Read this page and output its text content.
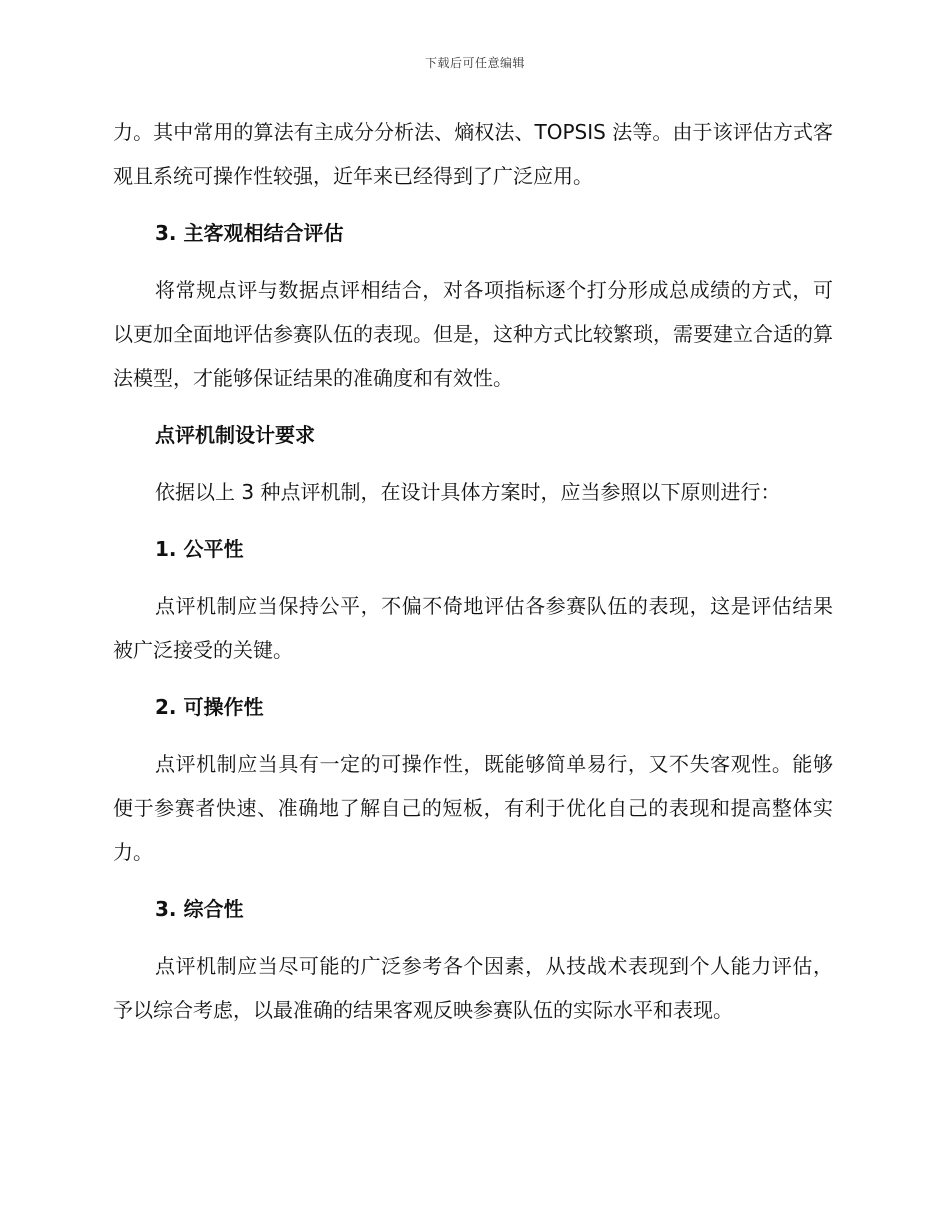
下载后可任意编辑

力。其中常用的算法有主成分分析法、熵权法、TOPSIS 法等。由于该评估方式客观且系统可操作性较强，近年来已经得到了广泛应用。

3. 主客观相结合评估

将常规点评与数据点评相结合，对各项指标逐个打分形成总成绩的方式，可以更加全面地评估参赛队伍的表现。但是，这种方式比较繁琐，需要建立合适的算法模型，才能够保证结果的准确度和有效性。

点评机制设计要求

依据以上 3 种点评机制，在设计具体方案时，应当参照以下原则进行：

1. 公平性

点评机制应当保持公平，不偏不倚地评估各参赛队伍的表现，这是评估结果被广泛接受的关键。

2. 可操作性

点评机制应当具有一定的可操作性，既能够简单易行，又不失客观性。能够便于参赛者快速、准确地了解自己的短板，有利于优化自己的表现和提高整体实力。

3. 综合性

点评机制应当尽可能的广泛参考各个因素，从技战术表现到个人能力评估，予以综合考虑，以最准确的结果客观反映参赛队伍的实际水平和表现。
